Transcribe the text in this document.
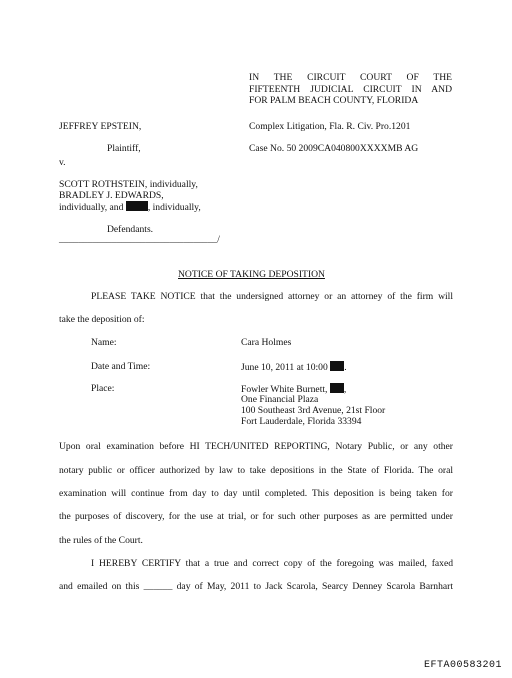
IN THE CIRCUIT COURT OF THE
FIFTEENTH JUDICIAL CIRCUIT IN AND
FOR PALM BEACH COUNTY, FLORIDA
JEFFREY EPSTEIN,	Complex Litigation, Fla. R. Civ. Pro.1201
Plaintiff,	Case No. 50 2009CA040800XXXXMB AG
v.
SCOTT ROTHSTEIN, individually,
BRADLEY J. EDWARDS,
individually, and	, individually,
Defendants.
_________________________________/
NOTICE OF TAKING DEPOSITION
PLEASE TAKE NOTICE that the undersigned attorney or an attorney of the firm will
take the deposition of:
Name:	Cara Holmes
Date and Time:	June 10, 2011 at 10:00 .
Place:	Fowler White Burnett, ,
One Financial Plaza
100 Southeast 3rd Avenue, 21st Floor
Fort Lauderdale, Florida 33394
Upon oral examination before HI TECH/UNITED REPORTING, Notary Public, or any other
notary public or officer authorized by law to take depositions in the State of Florida. The oral
examination will continue from day to day until completed. This deposition is being taken for
the purposes of discovery, for the use at trial, or for such other purposes as are permitted under
the rules of the Court.
I HEREBY CERTIFY that a true and correct copy of the foregoing was mailed, faxed
and emailed on this ______ day of May, 2011 to Jack Scarola, Searcy Denney Scarola Barnhart
EFTA00583201
